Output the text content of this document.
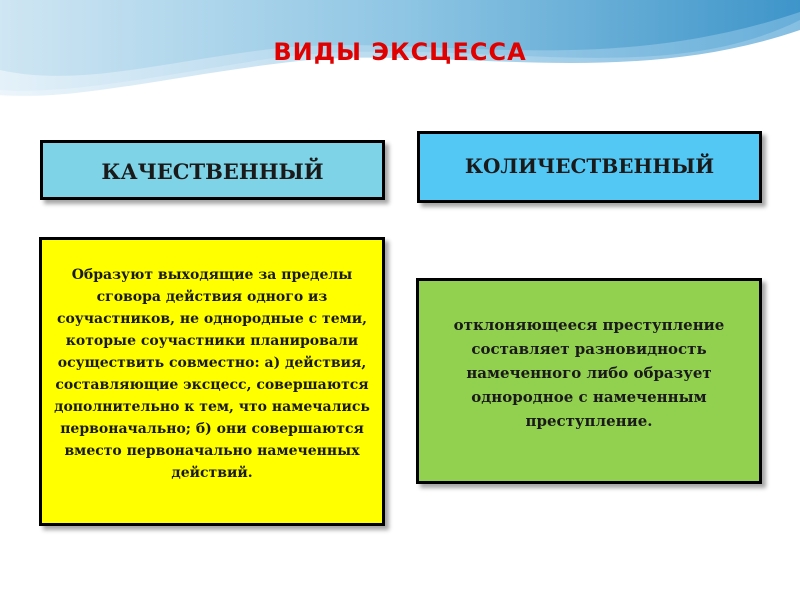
ВИДЫ ЭКСЦЕССА
КАЧЕСТВЕННЫЙ	КОЛИЧЕСТВЕННЫЙ
Образуют выходящие за пределы сговора действия одного из соучастников, не однородные с теми, которые соучастники планировали осуществить совместно: а) действия, составляющие эксцесс, совершаются дополнительно к тем, что намечались первоначально; б) они совершаются вместо первоначально намеченных действий.
отклоняющееся преступление составляет разновидность намеченного либо образует однородное с намеченным преступление.
